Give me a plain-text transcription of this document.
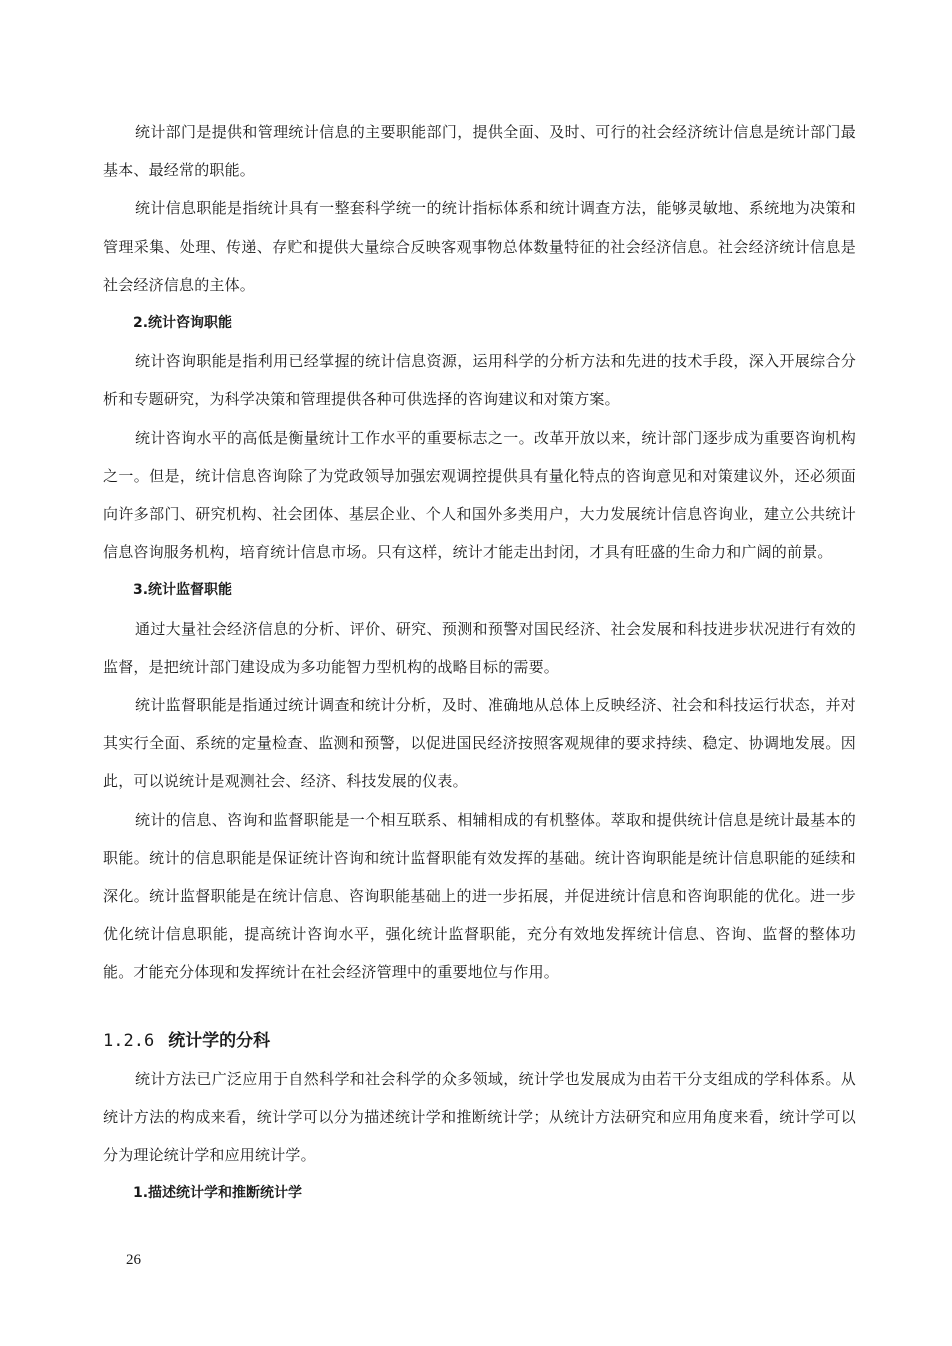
统计部门是提供和管理统计信息的主要职能部门，提供全面、及时、可行的社会经济统计信息是统计部门最基本、最经常的职能。

统计信息职能是指统计具有一整套科学统一的统计指标体系和统计调查方法，能够灵敏地、系统地为决策和管理采集、处理、传递、存贮和提供大量综合反映客观事物总体数量特征的社会经济信息。社会经济统计信息是社会经济信息的主体。

2.统计咨询职能

统计咨询职能是指利用已经掌握的统计信息资源，运用科学的分析方法和先进的技术手段，深入开展综合分析和专题研究，为科学决策和管理提供各种可供选择的咨询建议和对策方案。

统计咨询水平的高低是衡量统计工作水平的重要标志之一。改革开放以来，统计部门逐步成为重要咨询机构之一。但是，统计信息咨询除了为党政领导加强宏观调控提供具有量化特点的咨询意见和对策建议外，还必须面向许多部门、研究机构、社会团体、基层企业、个人和国外多类用户，大力发展统计信息咨询业，建立公共统计信息咨询服务机构，培育统计信息市场。只有这样，统计才能走出封闭，才具有旺盛的生命力和广阔的前景。

3.统计监督职能

通过大量社会经济信息的分析、评价、研究、预测和预警对国民经济、社会发展和科技进步状况进行有效的监督，是把统计部门建设成为多功能智力型机构的战略目标的需要。

统计监督职能是指通过统计调查和统计分析，及时、准确地从总体上反映经济、社会和科技运行状态，并对其实行全面、系统的定量检查、监测和预警，以促进国民经济按照客观规律的要求持续、稳定、协调地发展。因此，可以说统计是观测社会、经济、科技发展的仪表。

统计的信息、咨询和监督职能是一个相互联系、相辅相成的有机整体。萃取和提供统计信息是统计最基本的职能。统计的信息职能是保证统计咨询和统计监督职能有效发挥的基础。统计咨询职能是统计信息职能的延续和深化。统计监督职能是在统计信息、咨询职能基础上的进一步拓展，并促进统计信息和咨询职能的优化。进一步优化统计信息职能，提高统计咨询水平，强化统计监督职能，充分有效地发挥统计信息、咨询、监督的整体功能。才能充分体现和发挥统计在社会经济管理中的重要地位与作用。

1.2.6 统计学的分科

统计方法已广泛应用于自然科学和社会科学的众多领域，统计学也发展成为由若干分支组成的学科体系。从统计方法的构成来看，统计学可以分为描述统计学和推断统计学；从统计方法研究和应用角度来看，统计学可以分为理论统计学和应用统计学。

1.描述统计学和推断统计学

26
